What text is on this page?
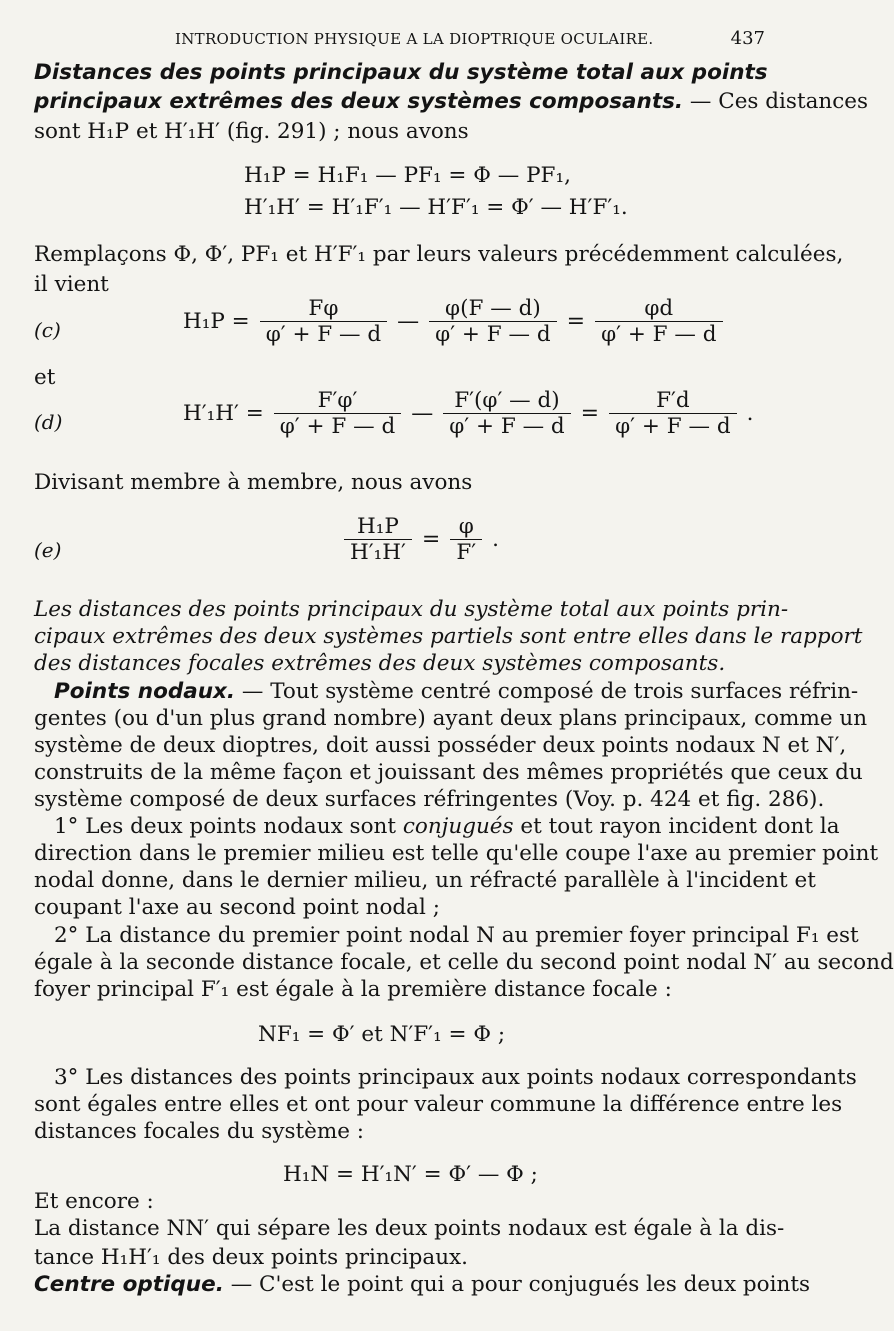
INTRODUCTION PHYSIQUE A LA DIOPTRIQUE OCULAIRE.	437
Distances des points principaux du système total aux points
principaux extrêmes des deux systèmes composants. — Ces distances
sont H₁P et H′₁H′ (fig. 291) ; nous avons
H₁P = H₁F₁ — PF₁ = Φ — PF₁,
H′₁H′ = H′₁F′₁ — H′F′₁ = Φ′ — H′F′₁.
Remplaçons Φ, Φ′, PF₁ et H′F′₁ par leurs valeurs précédemment calculées,
il vient
(c)	$H_1P = \frac{F\varphi}{\varphi' + F — d}$ — $\frac{\varphi(F — d)}{\varphi' + F — d} = \frac{\varphi d}{\varphi' + F — d}$
et
(d)	$H'_1H' = \frac{F'\varphi'}{\varphi' + F — d}$ — $\frac{F'(\varphi' — d)}{\varphi' + F — d} = \frac{F'd}{\varphi' + F — d}$ .
Divisant membre à membre, nous avons
(e)	$\frac{\text{H₁P}}{\text{H′₁H′}} = \frac{\varphi}{F'}$ .
Les distances des points principaux du système total aux points prin-
cipaux extrêmes des deux systèmes partiels sont entre elles dans le rapport
des distances focales extrêmes des deux systèmes composants.
Points nodaux. — Tout système centré composé de trois surfaces réfrin-
gentes (ou d'un plus grand nombre) ayant deux plans principaux, comme un
système de deux dioptres, doit aussi posséder deux points nodaux N et N′,
construits de la même façon et jouissant des mêmes propriétés que ceux du
système composé de deux surfaces réfringentes (Voy. p. 424 et fig. 286).
1° Les deux points nodaux sont conjugués et tout rayon incident dont la
direction dans le premier milieu est telle qu'elle coupe l'axe au premier point
nodal donne, dans le dernier milieu, un réfracté parallèle à l'incident et
coupant l'axe au second point nodal ;
2° La distance du premier point nodal N au premier foyer principal F₁ est
égale à la seconde distance focale, et celle du second point nodal N′ au second
foyer principal F′₁ est égale à la première distance focale :
NF₁ = Φ′ et N′F′₁ = Φ ;
3° Les distances des points principaux aux points nodaux correspondants
sont égales entre elles et ont pour valeur commune la différence entre les
distances focales du système :
H₁N = H′₁N′ = Φ′ — Φ ;
Et encore :
La distance NN′ qui sépare les deux points nodaux est égale à la dis-
tance H₁H′₁ des deux points principaux.
Centre optique. — C'est le point qui a pour conjugués les deux points
